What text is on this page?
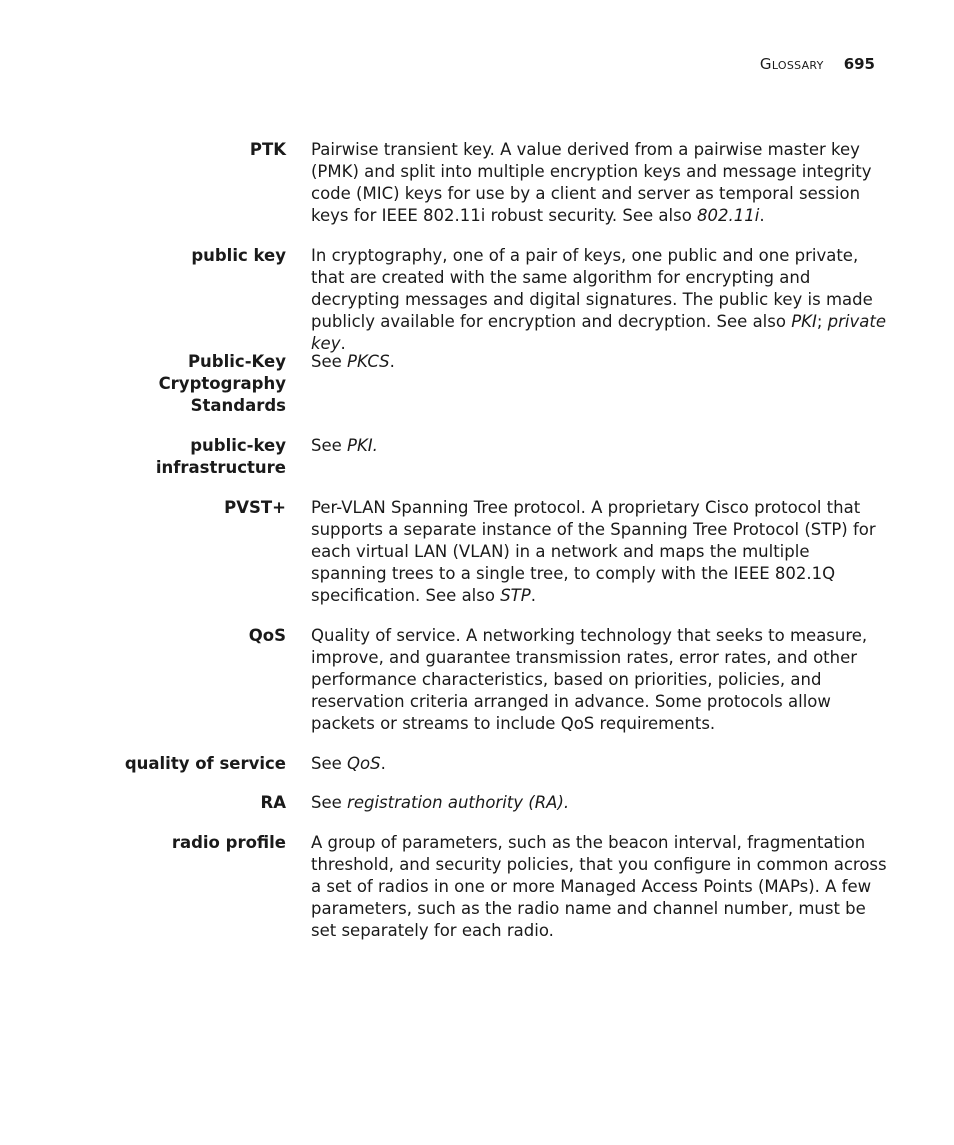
Glossary 695
PTK Pairwise transient key. A value derived from a pairwise master key (PMK) and split into multiple encryption keys and message integrity code (MIC) keys for use by a client and server as temporal session keys for IEEE 802.11i robust security. See also 802.11i.
public key In cryptography, one of a pair of keys, one public and one private, that are created with the same algorithm for encrypting and decrypting messages and digital signatures. The public key is made publicly available for encryption and decryption. See also PKI; private key.
Public-Key
Cryptography
Standards
See PKCS.
public-key
infrastructure
See PKI.
PVST+ Per-VLAN Spanning Tree protocol. A proprietary Cisco protocol that supports a separate instance of the Spanning Tree Protocol (STP) for each virtual LAN (VLAN) in a network and maps the multiple spanning trees to a single tree, to comply with the IEEE 802.1Q specification. See also STP.
QoS Quality of service. A networking technology that seeks to measure, improve, and guarantee transmission rates, error rates, and other performance characteristics, based on priorities, policies, and reservation criteria arranged in advance. Some protocols allow packets or streams to include QoS requirements.
quality of service See QoS.
RA See registration authority (RA).
radio profile A group of parameters, such as the beacon interval, fragmentation threshold, and security policies, that you configure in common across a set of radios in one or more Managed Access Points (MAPs). A few parameters, such as the radio name and channel number, must be set separately for each radio.
